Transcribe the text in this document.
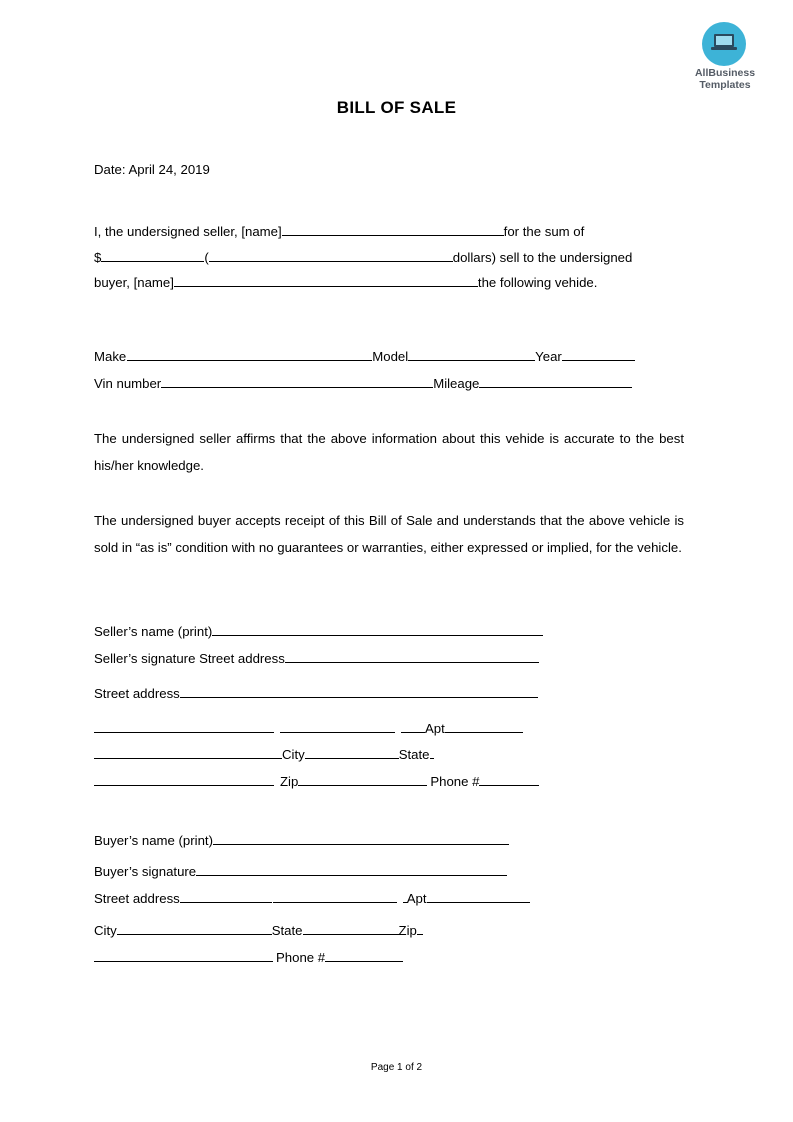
AllBusiness
Templates
BILL OF SALE
Date: April 24, 2019
I, the undersigned seller, [name]	for the sum of
$	(	dollars) sell to the undersigned
buyer, [name]	the following vehide.
Make	Model	Year
Vin number	Mileage
The undersigned seller affirms that the above information about this vehide is accurate to the best his/her knowledge.
The undersigned buyer accepts receipt of this Bill of Sale and understands that the above vehicle is sold in “as is” condition with no guarantees or warranties, either expressed or implied, for the vehicle.
Seller’s name (print)
Seller’s signature Street address
Street address
Apt
City	State
Zip	Phone #
Buyer’s name (print)
Buyer’s signature
Street address	Apt
City	State	Zip
Phone #
Page 1 of 2
